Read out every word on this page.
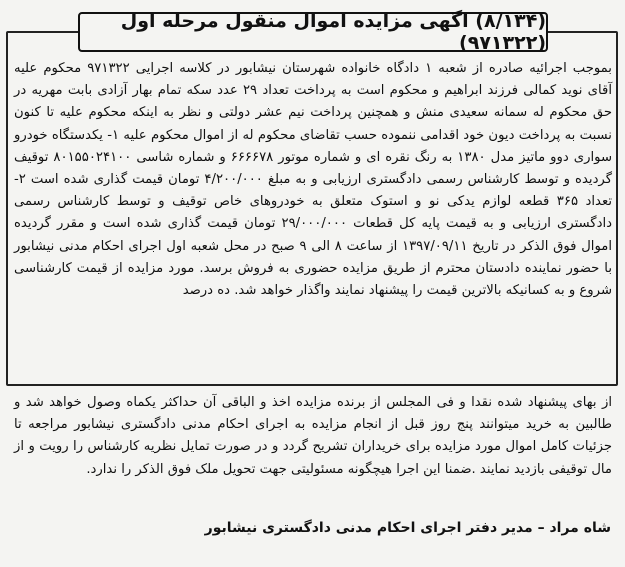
(۸/۱۳۴) اگهی مزایده اموال منقول مرحله اول (۹۷۱۳۲۲)

بموجب اجرائیه صادره از شعبه ۱ دادگاه خانواده شهرستان نیشابور در کلاسه اجرایی ۹۷۱۳۲۲ محکوم علیه آقای نوید کمالی فرزند ابراهیم و محکوم است به پرداخت تعداد ۲۹ عدد سکه تمام بهار آزادی بابت مهریه در حق محکوم له سمانه سعیدی منش و همچنین پرداخت نیم عشر دولتی و نظر به اینکه محکوم علیه تا کنون نسبت به پرداخت دیون خود اقدامی ننموده حسب تقاضای محکوم له از اموال محکوم علیه ۱- یکدستگاه خودرو سواری دوو ماتیز مدل ۱۳۸۰ به رنگ نقره ای و شماره موتور ۶۶۶۶۷۸ و شماره شاسی ۸۰۱۵۵۰۲۴۱۰۰ توقیف گردیده و توسط کارشناس رسمی دادگستری ارزیابی و به مبلغ ۴/۲۰۰/۰۰۰ تومان قیمت گذاری شده است ۲- تعداد ۳۶۵ قطعه لوازم یدکی نو و استوک متعلق به خودروهای خاص توقیف و توسط کارشناس رسمی دادگستری ارزیابی و به قیمت پایه کل قطعات ۲۹/۰۰۰/۰۰۰ تومان قیمت گذاری شده است و مقرر گردیده اموال فوق الذکر در تاریخ ۱۳۹۷/۰۹/۱۱ از ساعت ۸ الی ۹ صبح در محل شعبه اول اجرای احکام مدنی نیشابور با حضور نماینده دادستان محترم از طریق مزایده حضوری به فروش برسد. مورد مزایده از قیمت کارشناسی شروع و به کسانیکه بالاترین قیمت را پیشنهاد نمایند واگذار خواهد شد. ده درصد

از بهای پیشنهاد شده نقدا و فی المجلس از برنده مزایده اخذ و الباقی آن حداکثر یکماه وصول خواهد شد و طالبین به خرید میتوانند پنج روز قبل از انجام مزایده به اجرای احکام مدنی دادگستری نیشابور مراجعه تا جزئیات کامل اموال مورد مزایده برای خریداران تشریح گردد و در صورت تمایل نظریه کارشناس را رویت و از مال توقیفی بازدید نمایند .ضمنا این اجرا هیچگونه مسئولیتی جهت تحویل ملک فوق الذکر را ندارد.

شاه مراد – مدیر دفتر اجرای احکام مدنی دادگستری نیشابور
